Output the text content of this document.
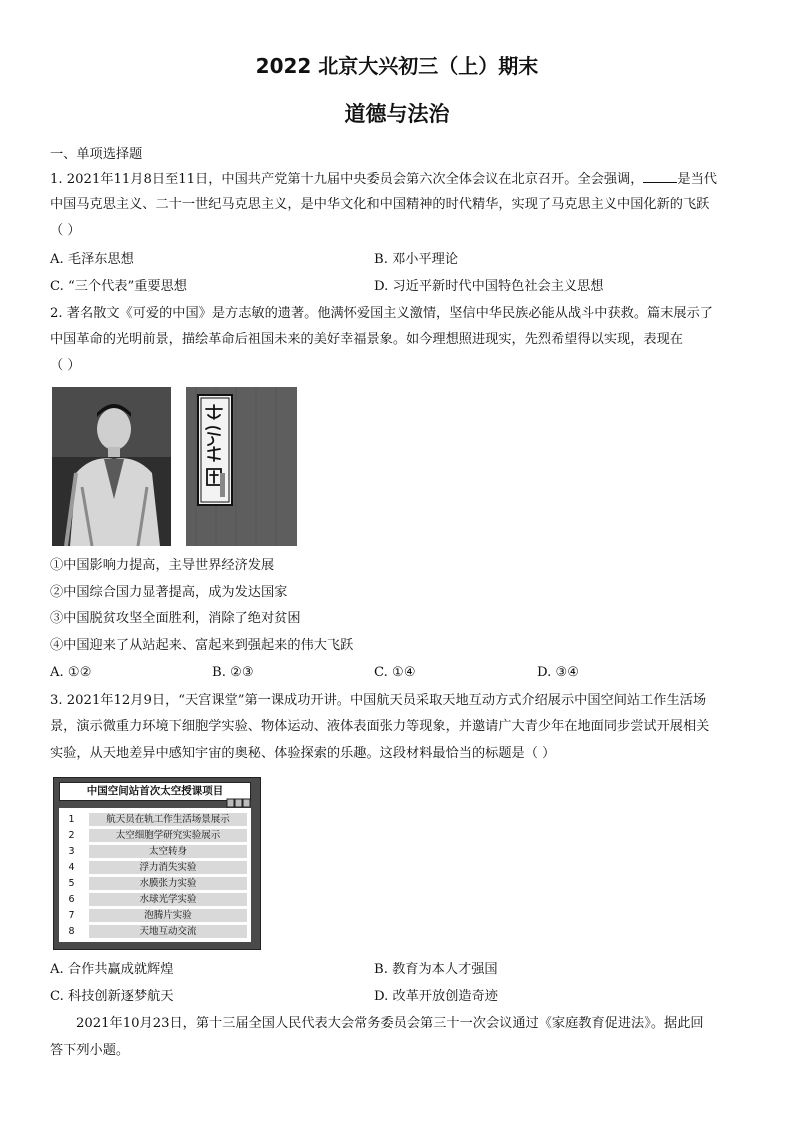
2022 北京大兴初三（上）期末
道德与法治
一、单项选择题
1. 2021年11月8日至11日，中国共产党第十九届中央委员会第六次全体会议在北京召开。全会强调，	是当代
中国马克思主义、二十一世纪马克思主义，是中华文化和中国精神的时代精华，实现了马克思主义中国化新的飞跃
（ ）
A. 毛泽东思想	B. 邓小平理论
C. “三个代表”重要思想	D. 习近平新时代中国特色社会主义思想
2. 著名散文《可爱的中国》是方志敏的遗著。他满怀爱国主义激情，坚信中华民族必能从战斗中获救。篇末展示了
中国革命的光明前景，描绘革命后祖国未来的美好幸福景象。如今理想照进现实，先烈希望得以实现，表现在
（ ）
①中国影响力提高，主导世界经济发展
②中国综合国力显著提高，成为发达国家
③中国脱贫攻坚全面胜利，消除了绝对贫困
④中国迎来了从站起来、富起来到强起来的伟大飞跃
A. ①②	B. ②③	C. ①④	D. ③④
3. 2021年12月9日，“天宫课堂”第一课成功开讲。中国航天员采取天地互动方式介绍展示中国空间站工作生活场
景，演示微重力环境下细胞学实验、物体运动、液体表面张力等现象，并邀请广大青少年在地面同步尝试开展相关
实验，从天地差异中感知宇宙的奥秘、体验探索的乐趣。这段材料最恰当的标题是（ ）
中国空间站首次太空授课项目
1	航天员在轨工作生活场景展示
2	太空细胞学研究实验展示
3	太空转身
4	浮力消失实验
5	水膜张力实验
6	水球光学实验
7	泡腾片实验
8	天地互动交流
A. 合作共赢成就辉煌	B. 教育为本人才强国
C. 科技创新逐梦航天	D. 改革开放创造奇迹
2021年10月23日，第十三届全国人民代表大会常务委员会第三十一次会议通过《家庭教育促进法》。据此回
答下列小题。
